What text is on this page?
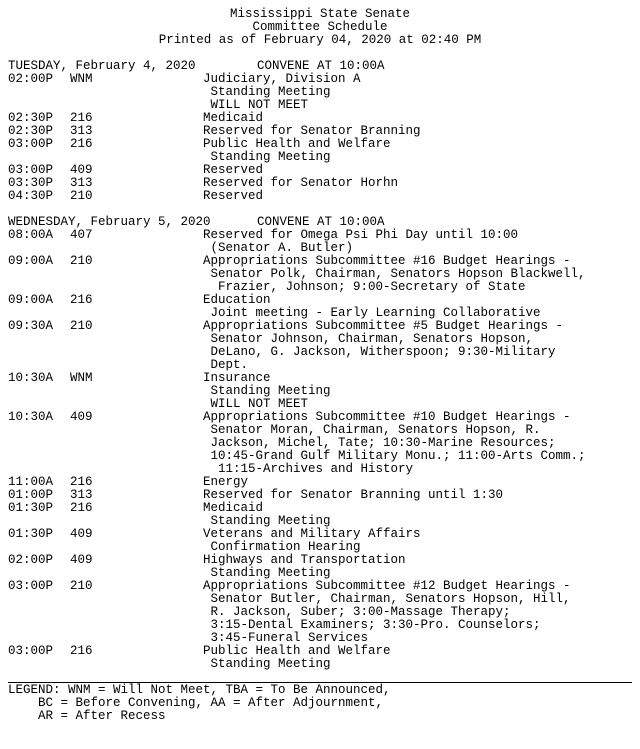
Mississippi State Senate
Committee Schedule
Printed as of February 04, 2020 at 02:40 PM
TUESDAY, February 4, 2020	CONVENE AT 10:00A
02:00P WNM	Judiciary, Division A
Standing Meeting
WILL NOT MEET
02:30P 216	Medicaid
02:30P 313	Reserved for Senator Branning
03:00P 216	Public Health and Welfare
Standing Meeting
03:00P 409	Reserved
03:30P 313	Reserved for Senator Horhn
04:30P 210	Reserved
WEDNESDAY, February 5, 2020	CONVENE AT 10:00A
08:00A 407	Reserved for Omega Psi Phi Day until 10:00
(Senator A. Butler)
09:00A 210	Appropriations Subcommittee #16 Budget Hearings -
Senator Polk, Chairman, Senators Hopson Blackwell,
Frazier, Johnson; 9:00-Secretary of State
09:00A 216	Education
Joint meeting - Early Learning Collaborative
09:30A 210	Appropriations Subcommittee #5 Budget Hearings -
Senator Johnson, Chairman, Senators Hopson,
DeLano, G. Jackson, Witherspoon; 9:30-Military
Dept.
10:30A WNM	Insurance
Standing Meeting
WILL NOT MEET
10:30A 409	Appropriations Subcommittee #10 Budget Hearings -
Senator Moran, Chairman, Senators Hopson, R.
Jackson, Michel, Tate; 10:30-Marine Resources;
10:45-Grand Gulf Military Monu.; 11:00-Arts Comm.;
11:15-Archives and History
11:00A 216	Energy
01:00P 313	Reserved for Senator Branning until 1:30
01:30P 216	Medicaid
Standing Meeting
01:30P 409	Veterans and Military Affairs
Confirmation Hearing
02:00P 409	Highways and Transportation
Standing Meeting
03:00P 210	Appropriations Subcommittee #12 Budget Hearings -
Senator Butler, Chairman, Senators Hopson, Hill,
R. Jackson, Suber; 3:00-Massage Therapy;
3:15-Dental Examiners; 3:30-Pro. Counselors;
3:45-Funeral Services
03:00P 216	Public Health and Welfare
Standing Meeting
LEGEND: WNM = Will Not Meet, TBA = To Be Announced,
BC = Before Convening, AA = After Adjournment,
AR = After Recess
